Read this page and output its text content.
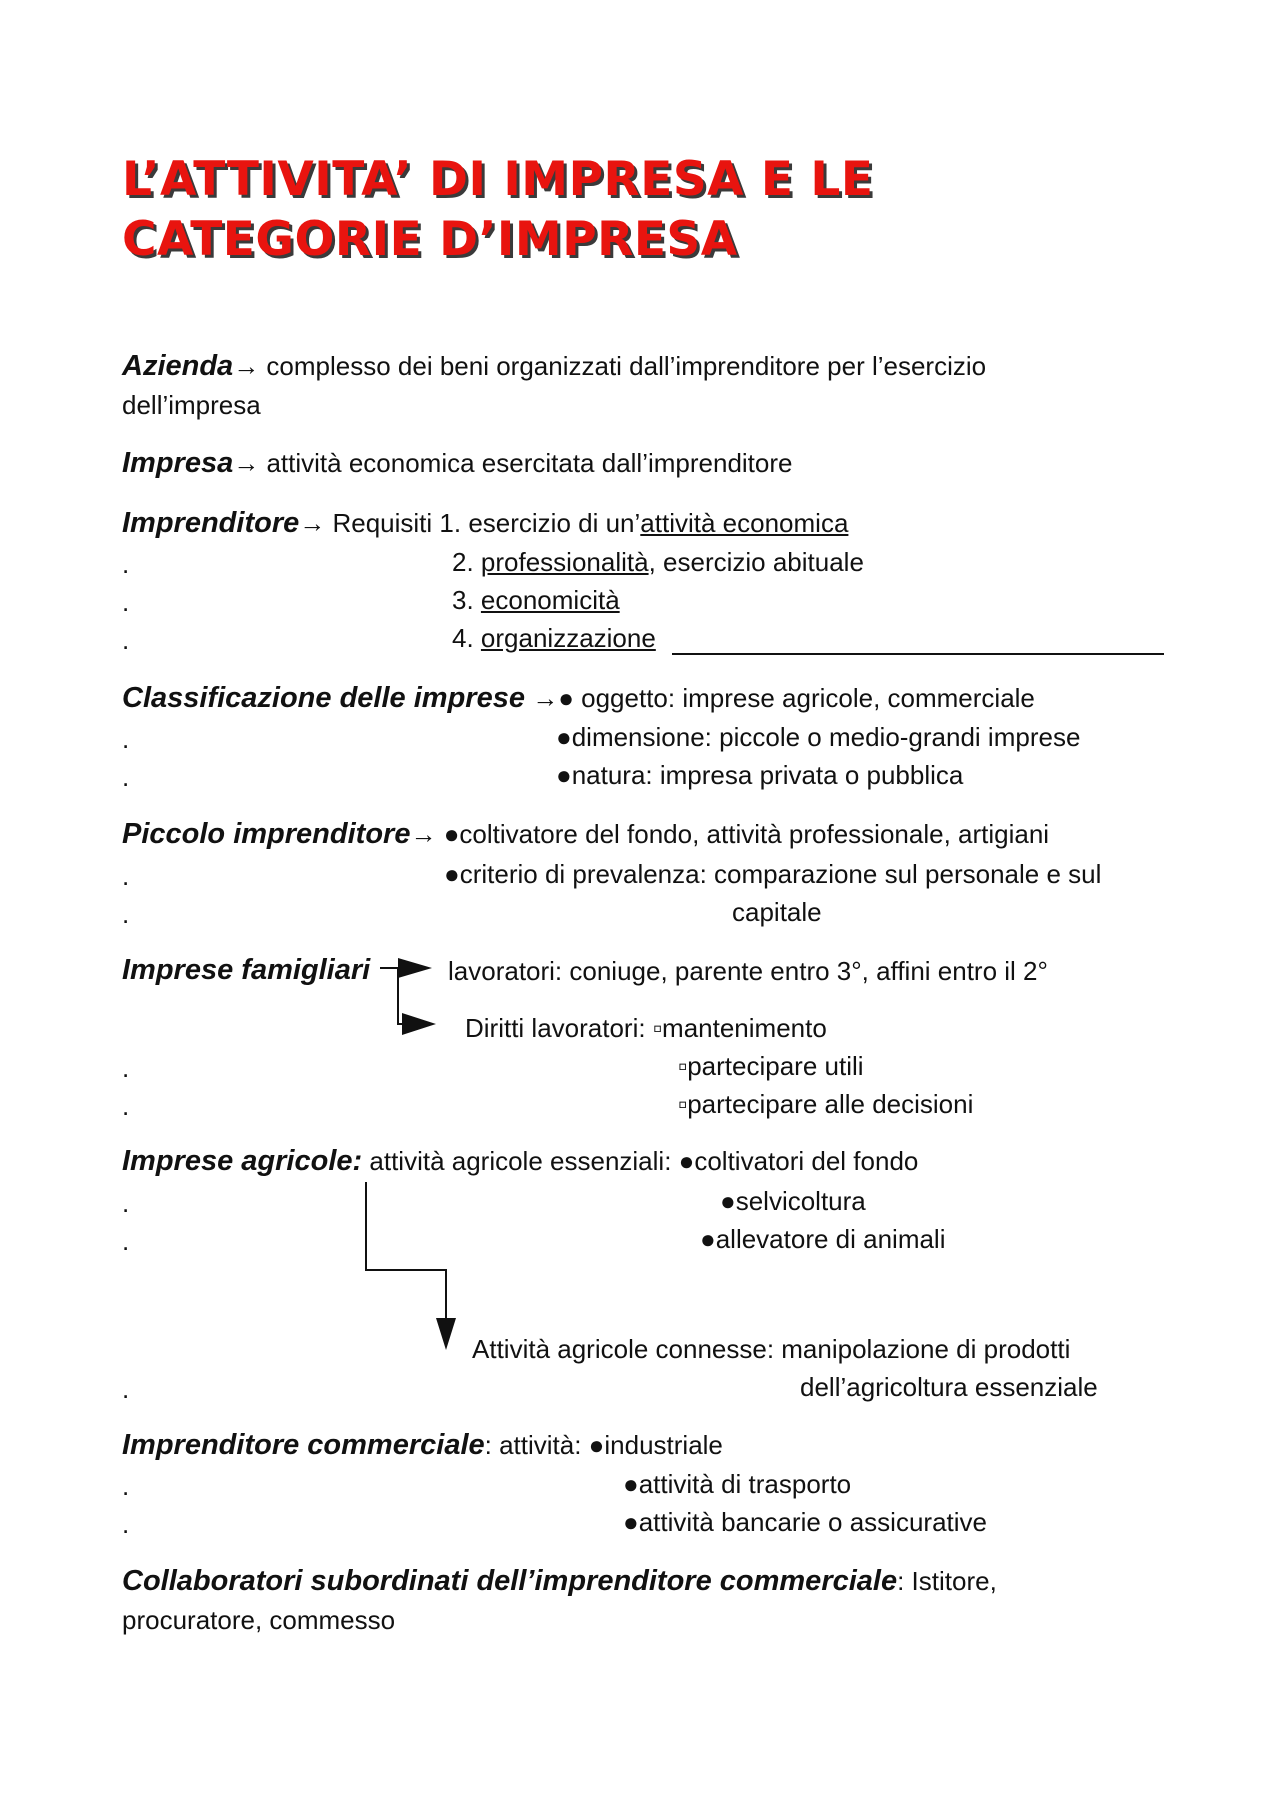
L’ATTIVITA’ DI IMPRESA E LE
CATEGORIE D’IMPRESA
Azienda→ complesso dei beni organizzati dall’imprenditore per l’esercizio
dell’impresa
Impresa→ attività economica esercitata dall’imprenditore
Imprenditore→ Requisiti 1. esercizio di un’attività economica
.	2. professionalità, esercizio abituale
.	3. economicità
.	4. organizzazione
Classificazione delle imprese →● oggetto: imprese agricole, commerciale
.	●dimensione: piccole o medio-grandi imprese
.	●natura: impresa privata o pubblica
Piccolo imprenditore→ ●coltivatore del fondo, attività professionale, artigiani
.	●criterio di prevalenza: comparazione sul personale e sul
.	capitale
Imprese famigliari	lavoratori: coniuge, parente entro 3°, affini entro il 2°
Diritti lavoratori: ▫mantenimento
.	▫partecipare utili
.	▫partecipare alle decisioni
Imprese agricole: attività agricole essenziali: ●coltivatori del fondo
.	●selvicoltura
.	●allevatore di animali
Attività agricole connesse: manipolazione di prodotti
.	dell’agricoltura essenziale
Imprenditore commerciale: attività: ●industriale
.	●attività di trasporto
.	●attività bancarie o assicurative
Collaboratori subordinati dell’imprenditore commerciale: Istitore,
procuratore, commesso
